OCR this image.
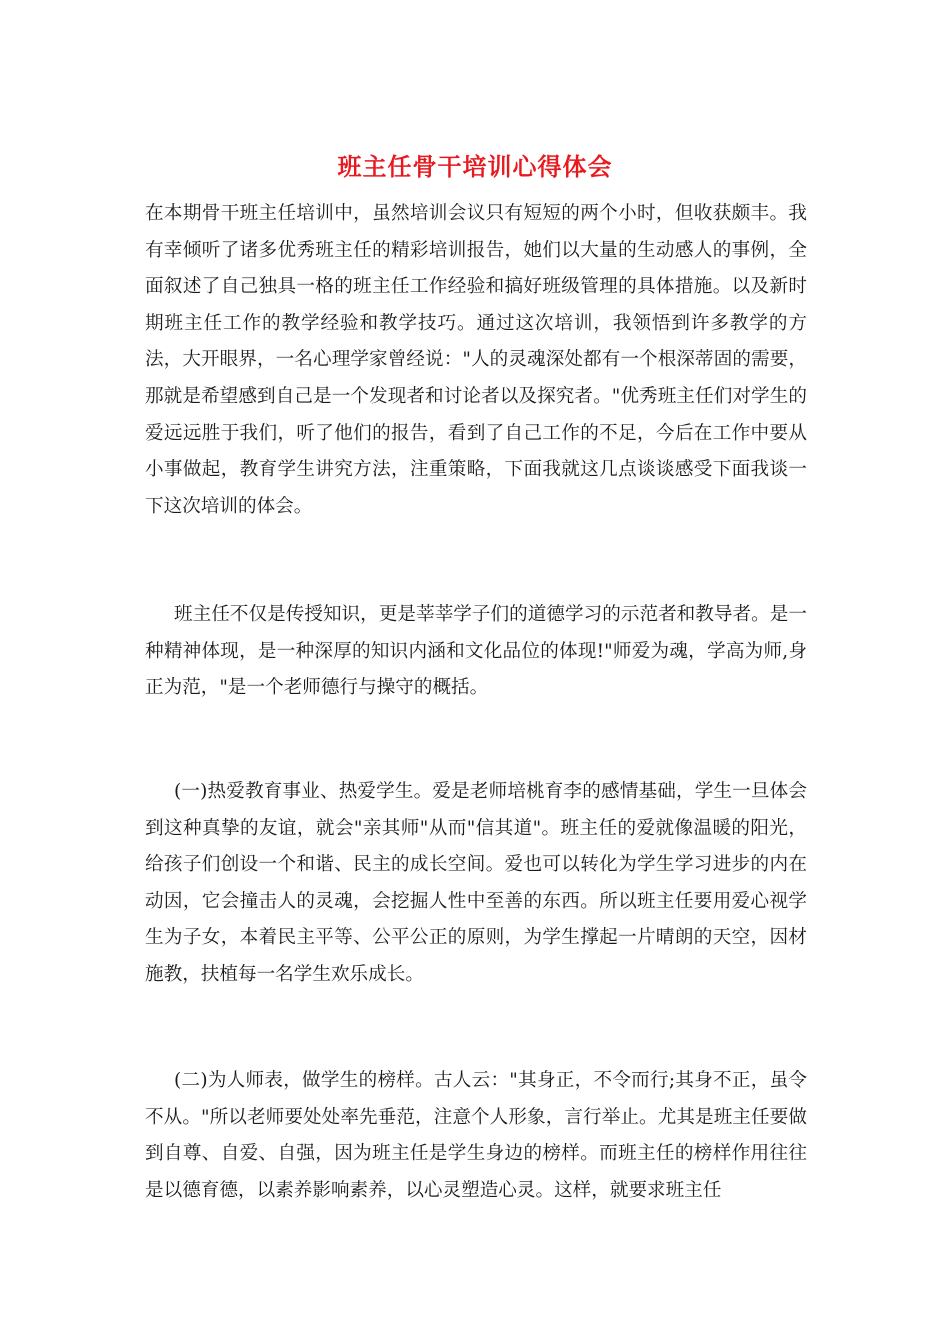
班主任骨干培训心得体会

在本期骨干班主任培训中，虽然培训会议只有短短的两个小时，但收获颇丰。我有幸倾听了诸多优秀班主任的精彩培训报告，她们以大量的生动感人的事例，全面叙述了自己独具一格的班主任工作经验和搞好班级管理的具体措施。以及新时期班主任工作的教学经验和教学技巧。通过这次培训，我领悟到许多教学的方法，大开眼界，一名心理学家曾经说："人的灵魂深处都有一个根深蒂固的需要，那就是希望感到自己是一个发现者和讨论者以及探究者。"优秀班主任们对学生的爱远远胜于我们，听了他们的报告，看到了自己工作的不足，今后在工作中要从小事做起，教育学生讲究方法，注重策略，下面我就这几点谈谈感受下面我谈一下这次培训的体会。

班主任不仅是传授知识，更是莘莘学子们的道德学习的示范者和教导者。是一种精神体现，是一种深厚的知识内涵和文化品位的体现!"师爱为魂，学高为师,身正为范，"是一个老师德行与操守的概括。

(一)热爱教育事业、热爱学生。爱是老师培桃育李的感情基础，学生一旦体会到这种真挚的友谊，就会"亲其师"从而"信其道"。班主任的爱就像温暖的阳光，给孩子们创设一个和谐、民主的成长空间。爱也可以转化为学生学习进步的内在动因，它会撞击人的灵魂，会挖掘人性中至善的东西。所以班主任要用爱心视学生为子女，本着民主平等、公平公正的原则，为学生撑起一片晴朗的天空，因材施教，扶植每一名学生欢乐成长。

(二)为人师表，做学生的榜样。古人云："其身正，不令而行;其身不正，虽令不从。"所以老师要处处率先垂范，注意个人形象，言行举止。尤其是班主任要做到自尊、自爱、自强，因为班主任是学生身边的榜样。而班主任的榜样作用往往是以德育德，以素养影响素养，以心灵塑造心灵。这样，就要求班主任
